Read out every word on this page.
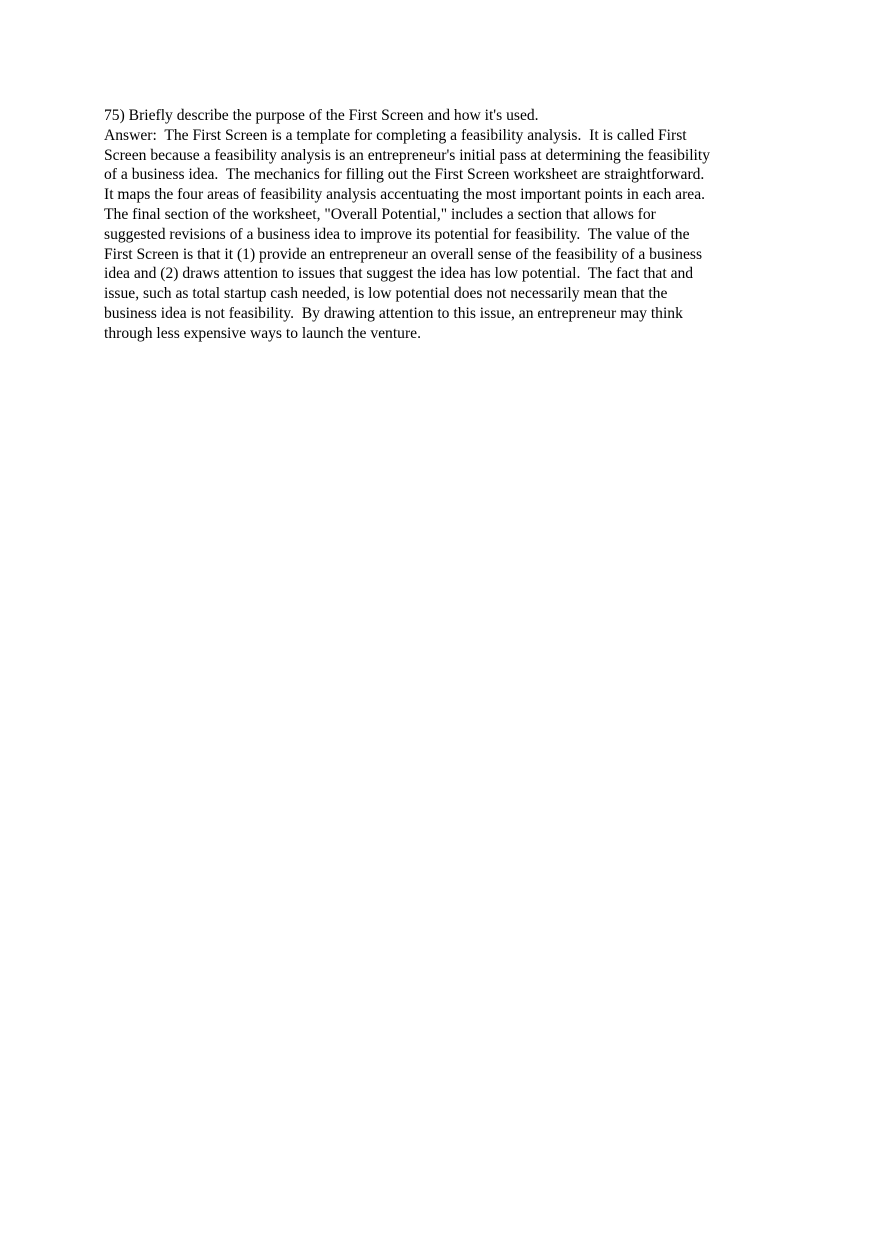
75) Briefly describe the purpose of the First Screen and how it's used.
Answer:  The First Screen is a template for completing a feasibility analysis.  It is called First
Screen because a feasibility analysis is an entrepreneur's initial pass at determining the feasibility
of a business idea.  The mechanics for filling out the First Screen worksheet are straightforward.
It maps the four areas of feasibility analysis accentuating the most important points in each area.
The final section of the worksheet, "Overall Potential," includes a section that allows for
suggested revisions of a business idea to improve its potential for feasibility.  The value of the
First Screen is that it (1) provide an entrepreneur an overall sense of the feasibility of a business
idea and (2) draws attention to issues that suggest the idea has low potential.  The fact that and
issue, such as total startup cash needed, is low potential does not necessarily mean that the
business idea is not feasibility.  By drawing attention to this issue, an entrepreneur may think
through less expensive ways to launch the venture.
